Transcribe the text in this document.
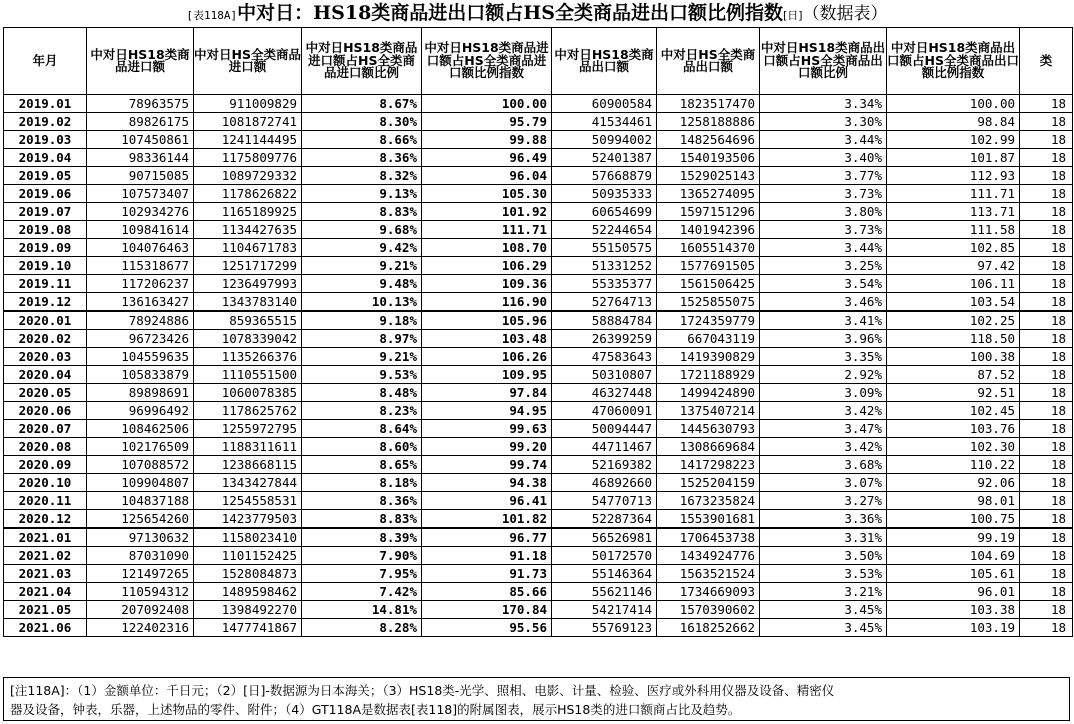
[表118A]中对日：HS18类商品进出口额占HS全类商品进出口额比例指数[日]（数据表）
年月	中对日HS18类商品进口额	中对日HS全类商品进口额	中对日HS18类商品进口额占HS全类商品进口额比例	中对日HS18类商品进口额占HS全类商品进口额比例指数	中对日HS18类商品出口额	中对日HS全类商品出口额	中对日HS18类商品出口额占HS全类商品出口额比例	中对日HS18类商品出口额占HS全类商品出口额比例指数	类
2019.01	78963575	911009829	8.67%	100.00	60900584	1823517470	3.34%	100.00	18
2019.02	89826175	1081872741	8.30%	95.79	41534461	1258188886	3.30%	98.84	18
2019.03	107450861	1241144495	8.66%	99.88	50994002	1482564696	3.44%	102.99	18
2019.04	98336144	1175809776	8.36%	96.49	52401387	1540193506	3.40%	101.87	18
2019.05	90715085	1089729332	8.32%	96.04	57668879	1529025143	3.77%	112.93	18
2019.06	107573407	1178626822	9.13%	105.30	50935333	1365274095	3.73%	111.71	18
2019.07	102934276	1165189925	8.83%	101.92	60654699	1597151296	3.80%	113.71	18
2019.08	109841614	1134427635	9.68%	111.71	52244654	1401942396	3.73%	111.58	18
2019.09	104076463	1104671783	9.42%	108.70	55150575	1605514370	3.44%	102.85	18
2019.10	115318677	1251717299	9.21%	106.29	51331252	1577691505	3.25%	97.42	18
2019.11	117206237	1236497993	9.48%	109.36	55335377	1561506425	3.54%	106.11	18
2019.12	136163427	1343783140	10.13%	116.90	52764713	1525855075	3.46%	103.54	18
2020.01	78924886	859365515	9.18%	105.96	58884784	1724359779	3.41%	102.25	18
2020.02	96723426	1078339042	8.97%	103.48	26399259	667043119	3.96%	118.50	18
2020.03	104559635	1135266376	9.21%	106.26	47583643	1419390829	3.35%	100.38	18
2020.04	105833879	1110551500	9.53%	109.95	50310807	1721188929	2.92%	87.52	18
2020.05	89898691	1060078385	8.48%	97.84	46327448	1499424890	3.09%	92.51	18
2020.06	96996492	1178625762	8.23%	94.95	47060091	1375407214	3.42%	102.45	18
2020.07	108462506	1255972795	8.64%	99.63	50094447	1445630793	3.47%	103.76	18
2020.08	102176509	1188311611	8.60%	99.20	44711467	1308669684	3.42%	102.30	18
2020.09	107088572	1238668115	8.65%	99.74	52169382	1417298223	3.68%	110.22	18
2020.10	109904807	1343427844	8.18%	94.38	46892660	1525204159	3.07%	92.06	18
2020.11	104837188	1254558531	8.36%	96.41	54770713	1673235824	3.27%	98.01	18
2020.12	125654260	1423779503	8.83%	101.82	52287364	1553901681	3.36%	100.75	18
2021.01	97130632	1158023410	8.39%	96.77	56526981	1706453738	3.31%	99.19	18
2021.02	87031090	1101152425	7.90%	91.18	50172570	1434924776	3.50%	104.69	18
2021.03	121497265	1528084873	7.95%	91.73	55146364	1563521524	3.53%	105.61	18
2021.04	110594312	1489598462	7.42%	85.66	55621146	1734669093	3.21%	96.01	18
2021.05	207092408	1398492270	14.81%	170.84	54217414	1570390602	3.45%	103.38	18
2021.06	122402316	1477741867	8.28%	95.56	55769123	1618252662	3.45%	103.19	18
[注118A]：（1）金额单位：千日元；（2）[日]-数据源为日本海关；（3）HS18类-光学、照相、电影、计量、检验、医疗或外科用仪器及设备、精密仪
器及设备，钟表，乐器，上述物品的零件、附件；（4）GT118A是数据表[表118]的附属图表，展示HS18类的进口额商占比及趋势。
